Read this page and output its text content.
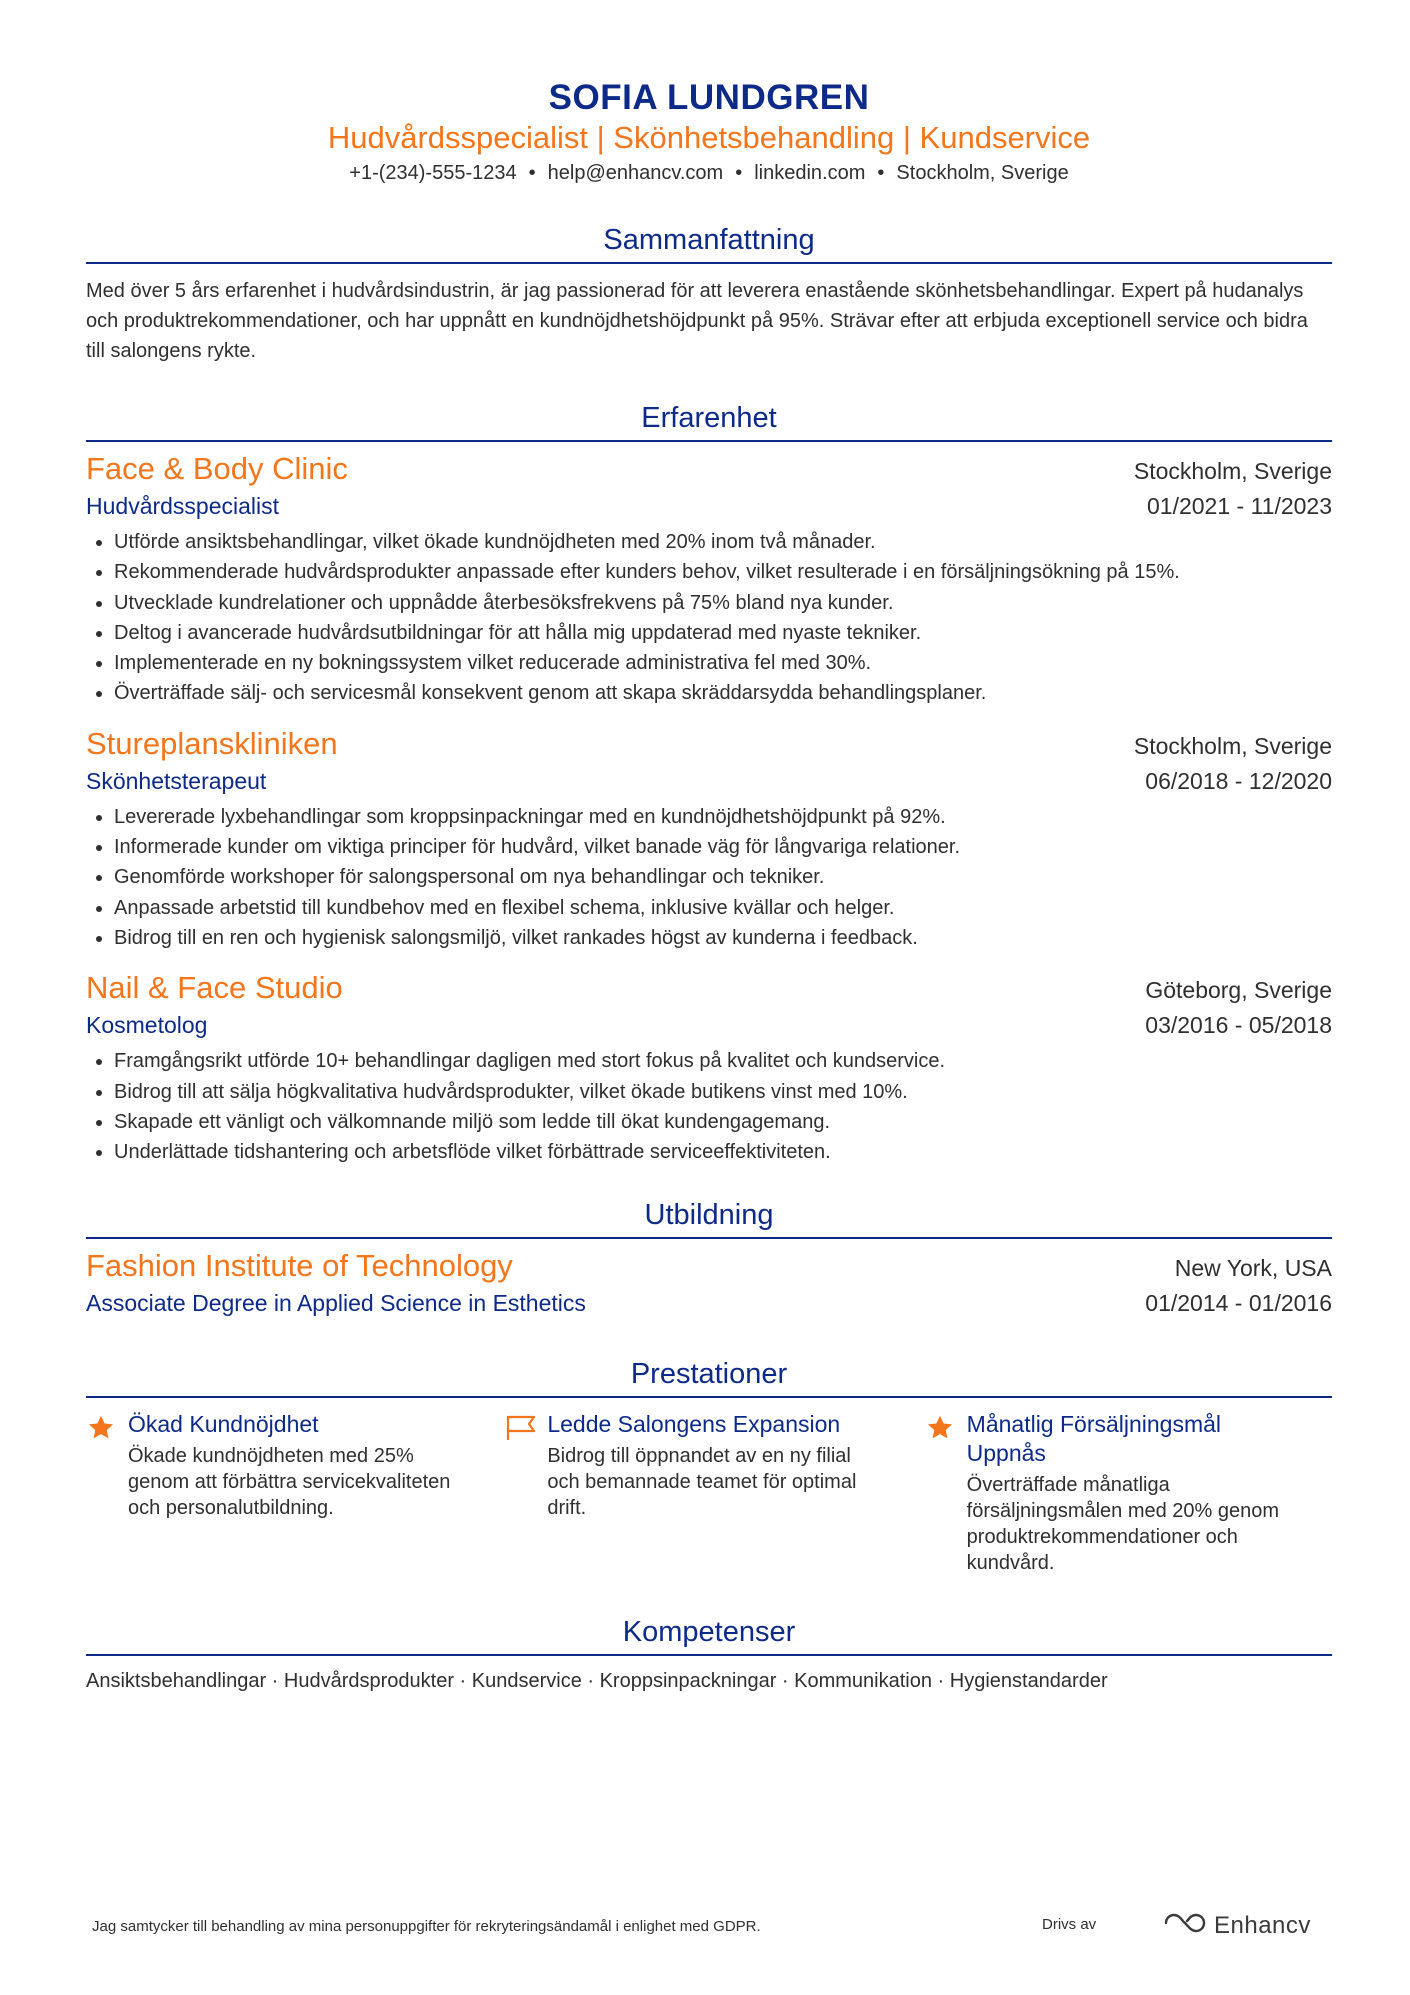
SOFIA LUNDGREN
Hudvårdsspecialist | Skönhetsbehandling | Kundservice
+1-(234)-555-1234 • help@enhancv.com • linkedin.com • Stockholm, Sverige
Sammanfattning
Med över 5 års erfarenhet i hudvårdsindustrin, är jag passionerad för att leverera enastående skönhetsbehandlingar. Expert på hudanalys och produktrekommendationer, och har uppnått en kundnöjdhetshöjdpunkt på 95%. Strävar efter att erbjuda exceptionell service och bidra till salongens rykte.
Erfarenhet
Face & Body Clinic	Stockholm, Sverige
Hudvårdsspecialist	01/2021 - 11/2023
Utförde ansiktsbehandlingar, vilket ökade kundnöjdheten med 20% inom två månader.
Rekommenderade hudvårdsprodukter anpassade efter kunders behov, vilket resulterade i en försäljningsökning på 15%.
Utvecklade kundrelationer och uppnådde återbesöksfrekvens på 75% bland nya kunder.
Deltog i avancerade hudvårdsutbildningar för att hålla mig uppdaterad med nyaste tekniker.
Implementerade en ny bokningssystem vilket reducerade administrativa fel med 30%.
Överträffade sälj- och servicesmål konsekvent genom att skapa skräddarsydda behandlingsplaner.
Stureplanskliniken	Stockholm, Sverige
Skönhetsterapeut	06/2018 - 12/2020
Levererade lyxbehandlingar som kroppsinpackningar med en kundnöjdhetshöjdpunkt på 92%.
Informerade kunder om viktiga principer för hudvård, vilket banade väg för långvariga relationer.
Genomförde workshoper för salongspersonal om nya behandlingar och tekniker.
Anpassade arbetstid till kundbehov med en flexibel schema, inklusive kvällar och helger.
Bidrog till en ren och hygienisk salongsmiljö, vilket rankades högst av kunderna i feedback.
Nail & Face Studio	Göteborg, Sverige
Kosmetolog	03/2016 - 05/2018
Framgångsrikt utförde 10+ behandlingar dagligen med stort fokus på kvalitet och kundservice.
Bidrog till att sälja högkvalitativa hudvårdsprodukter, vilket ökade butikens vinst med 10%.
Skapade ett vänligt och välkomnande miljö som ledde till ökat kundengagemang.
Underlättade tidshantering och arbetsflöde vilket förbättrade serviceeffektiviteten.
Utbildning
Fashion Institute of Technology	New York, USA
Associate Degree in Applied Science in Esthetics	01/2014 - 01/2016
Prestationer
Ökad Kundnöjdhet
Ökade kundnöjdheten med 25% genom att förbättra servicekvaliteten och personalutbildning.
Ledde Salongens Expansion
Bidrog till öppnandet av en ny filial och bemannade teamet för optimal drift.
Månatlig Försäljningsmål Uppnås
Överträffade månatliga försäljningsmålen med 20% genom produktrekommendationer och kundvård.
Kompetenser
Ansiktsbehandlingar · Hudvårdsprodukter · Kundservice · Kroppsinpackningar · Kommunikation · Hygienstandarder
Jag samtycker till behandling av mina personuppgifter för rekryteringsändamål i enlighet med GDPR.	Drivs av	Enhancv
